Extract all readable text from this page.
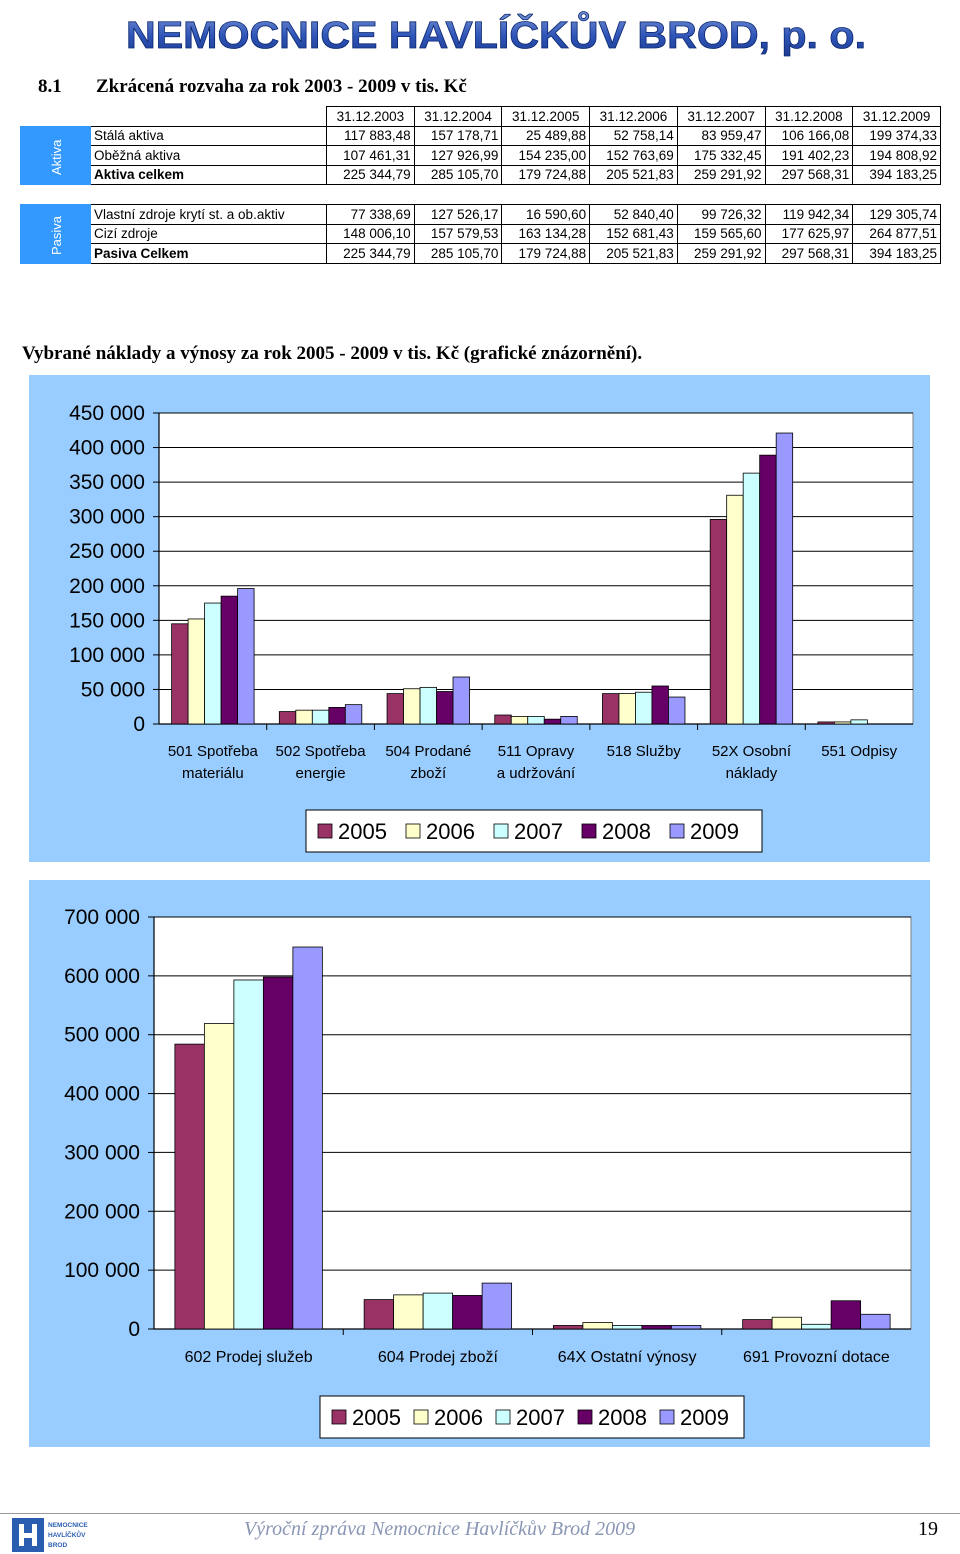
NEMOCNICE HAVLÍČKŮV BROD, p. o.
8.1 Zkrácená rozvaha za rok 2003 - 2009 v tis. Kč
		31.12.2003	31.12.2004	31.12.2005	31.12.2006	31.12.2007	31.12.2008	31.12.2009

Aktiva	Stálá aktiva	117 883,48	157 178,71	25 489,88	52 758,14	83 959,47	106 166,08	199 374,33
	Oběžná aktiva	107 461,31	127 926,99	154 235,00	152 763,69	175 332,45	191 402,23	194 808,92
	Aktiva celkem	225 344,79	285 105,70	179 724,88	205 521,83	259 291,92	297 568,31	394 183,25

Pasiva	Vlastní zdroje krytí st. a ob.aktiv	77 338,69	127 526,17	16 590,60	52 840,40	99 726,32	119 942,34	129 305,74
	Cizí zdroje	148 006,10	157 579,53	163 134,28	152 681,43	159 565,60	177 625,97	264 877,51
	Pasiva Celkem	225 344,79	285 105,70	179 724,88	205 521,83	259 291,92	297 568,31	394 183,25
Vybrané náklady a výnosy za rok 2005 - 2009 v tis. Kč (grafické znázornění).
0
50 000
100 000
150 000
200 000
250 000
300 000
350 000
400 000
450 000
501 Spotřeba
materiálu
502 Spotřeba
energie
504 Prodané
zboží
511 Opravy
a udržování
518 Služby 52X Osobní
náklady
551 Odpisy
2005 2006 2007 2008 2009
0
100 000
200 000
300 000
400 000
500 000
600 000
700 000
602 Prodej služeb	604 Prodej zboží	64X Ostatní výnosy	691 Provozní dotace
2005 2006 2007 2008 2009
NEMOCNICE
HAVLÍČKŮV
BROD
Výroční zpráva Nemocnice Havlíčkův Brod 2009	19
